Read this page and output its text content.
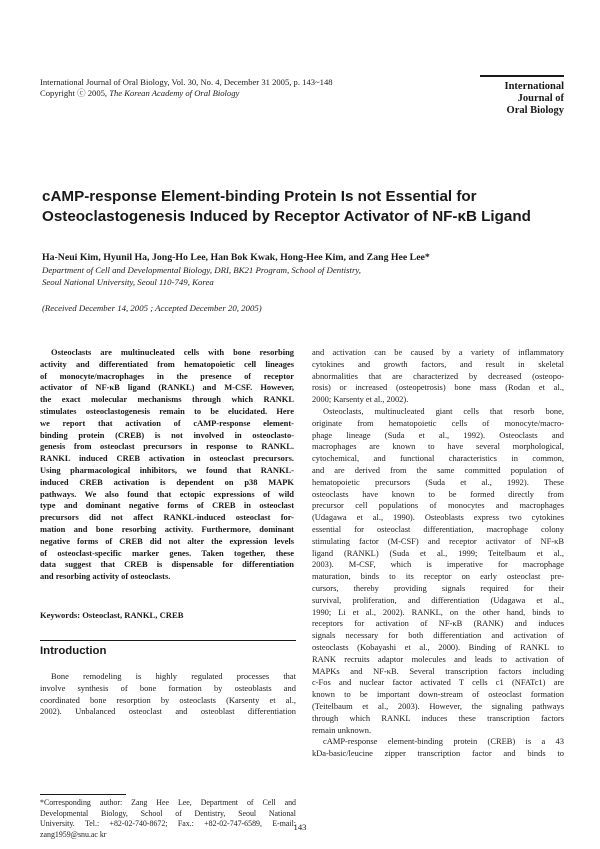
International Journal of Oral Biology, Vol. 30, No. 4, December 31 2005, p. 143~148
Copyright ⓒ 2005, The Korean Academy of Oral Biology
International
Journal of
Oral Biology
cAMP-response Element-binding Protein Is not Essential for
Osteoclastogenesis Induced by Receptor Activator of NF-κB Ligand
Ha-Neui Kim, Hyunil Ha, Jong-Ho Lee, Han Bok Kwak, Hong-Hee Kim, and Zang Hee Lee*
Department of Cell and Developmental Biology, DRI, BK21 Program, School of Dentistry,
Seoul National University, Seoul 110-749, Korea
(Received December 14, 2005 ; Accepted December 20, 2005)
Osteoclasts are multinucleated cells with bone resorbing
activity and differentiated from hematopoietic cell lineages
of monocyte/macrophages in the presence of receptor
activator of NF-κB ligand (RANKL) and M-CSF. However,
the exact molecular mechanisms through which RANKL
stimulates osteoclastogenesis remain to be elucidated. Here
we report that activation of cAMP-response element-
binding protein (CREB) is not involved in osteoclasto-
genesis from osteoclast precursors in response to RANKL.
RANKL induced CREB activation in osteoclast precursors.
Using pharmacological inhibitors, we found that RANKL-
induced CREB activation is dependent on p38 MAPK
pathways. We also found that ectopic expressions of wild
type and dominant negative forms of CREB in osteoclast
precursors did not affect RANKL-induced osteoclast for-
mation and bone resorbing activity. Furthermore, dominant
negative forms of CREB did not alter the expression levels
of osteoclast-specific marker genes. Taken together, these
data suggest that CREB is dispensable for differentiation
and resorbing activity of osteoclasts.
Keywords: Osteoclast, RANKL, CREB
Introduction
Bone remodeling is highly regulated processes that
involve synthesis of bone formation by osteoblasts and
coordinated bone resorption by osteoclasts (Karsenty et al.,
2002). Unbalanced osteoclast and osteoblast differentiation
*Corresponding author: Zang Hee Lee, Department of Cell and
Developmental Biology, School of Dentistry, Seoul National
University. Tel.: +82-02-740-8672; Fax.: +82-02-747-6589, E-mail:
zang1959@snu.ac kr
and activation can be caused by a variety of inflammatory
cytokines and growth factors, and result in skeletal
abnormalities that are characterized by decreased (osteopo-
rosis) or increased (osteopetrosis) bone mass (Rodan et al.,
2000; Karsenty et al., 2002).
Osteoclasts, multinucleated giant cells that resorb bone,
originate from hematopoietic cells of monocyte/macro-
phage lineage (Suda et al., 1992). Osteoclasts and
macrophages are known to have several morphological,
cytochemical, and functional characteristics in common,
and are derived from the same committed population of
hematopoietic precursors (Suda et al., 1992). These
osteoclasts have known to be formed directly from
precursor cell populations of monocytes and macrophages
(Udagawa et al., 1990). Osteoblasts express two cytokines
essential for osteoclast differentiation, macrophage colony
stimulating factor (M-CSF) and receptor activator of NF-κB
ligand (RANKL) (Suda et al., 1999; Teitelbaum et al.,
2003). M-CSF, which is imperative for macrophage
maturation, binds to its receptor on early osteoclast pre-
cursors, thereby providing signals required for their
survival, proliferation, and differentiation (Udagawa et al.,
1990; Li et al., 2002). RANKL, on the other hand, binds to
receptors for activation of NF-κB (RANK) and induces
signals necessary for both differentiation and activation of
osteoclasts (Kobayashi et al., 2000). Binding of RANKL to
RANK recruits adaptor molecules and leads to activation of
MAPKs and NF-κB. Several transcription factors including
c-Fos and nuclear factor activated T cells c1 (NFATc1) are
known to be important down-stream of osteoclast formation
(Teitelbaum et al., 2003). However, the signaling pathways
through which RANKL induces these transcription factors
remain unknown.
cAMP-response element-binding protein (CREB) is a 43
kDa-basic/leucine zipper transcription factor and binds to
143
